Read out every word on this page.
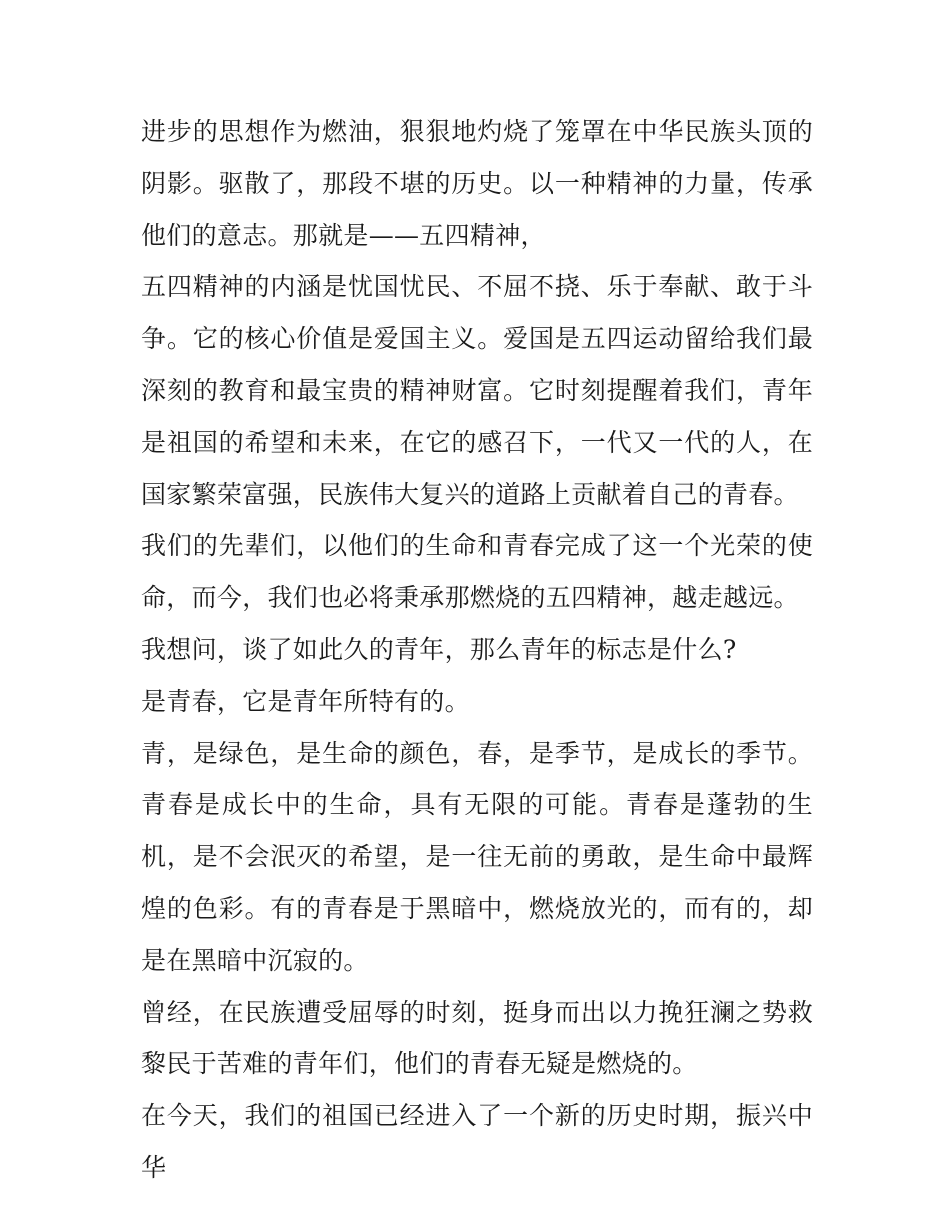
进步的思想作为燃油，狠狠地灼烧了笼罩在中华民族头顶的阴影。驱散了，那段不堪的历史。以一种精神的力量，传承他们的意志。那就是——五四精神，

五四精神的内涵是忧国忧民、不屈不挠、乐于奉献、敢于斗争。它的核心价值是爱国主义。爱国是五四运动留给我们最深刻的教育和最宝贵的精神财富。它时刻提醒着我们，青年是祖国的希望和未来，在它的感召下，一代又一代的人，在国家繁荣富强，民族伟大复兴的道路上贡献着自己的青春。

我们的先辈们，以他们的生命和青春完成了这一个光荣的使命，而今，我们也必将秉承那燃烧的五四精神，越走越远。

我想问，谈了如此久的青年，那么青年的标志是什么?

是青春，它是青年所特有的。

青，是绿色，是生命的颜色，春，是季节，是成长的季节。青春是成长中的生命，具有无限的可能。青春是蓬勃的生机，是不会泯灭的希望，是一往无前的勇敢，是生命中最辉煌的色彩。有的青春是于黑暗中，燃烧放光的，而有的，却是在黑暗中沉寂的。

曾经，在民族遭受屈辱的时刻，挺身而出以力挽狂澜之势救黎民于苦难的青年们，他们的青春无疑是燃烧的。

在今天，我们的祖国已经进入了一个新的历史时期，振兴中华
